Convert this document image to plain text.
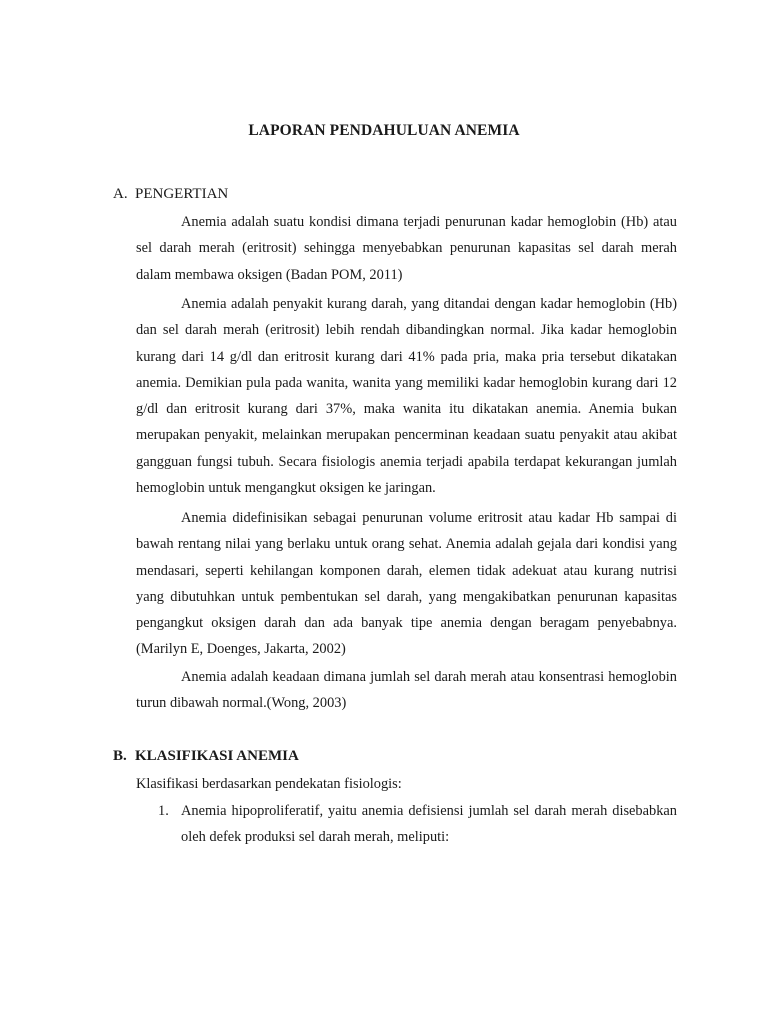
LAPORAN PENDAHULUAN ANEMIA
A. PENGERTIAN

Anemia adalah suatu kondisi dimana terjadi penurunan kadar hemoglobin (Hb) atau sel darah merah (eritrosit) sehingga menyebabkan penurunan kapasitas sel darah merah dalam membawa oksigen (Badan POM, 2011)

Anemia adalah penyakit kurang darah, yang ditandai dengan kadar hemoglobin (Hb) dan sel darah merah (eritrosit) lebih rendah dibandingkan normal. Jika kadar hemoglobin kurang dari 14 g/dl dan eritrosit kurang dari 41% pada pria, maka pria tersebut dikatakan anemia. Demikian pula pada wanita, wanita yang memiliki kadar hemoglobin kurang dari 12 g/dl dan eritrosit kurang dari 37%, maka wanita itu dikatakan anemia. Anemia bukan merupakan penyakit, melainkan merupakan pencerminan keadaan suatu penyakit atau akibat gangguan fungsi tubuh. Secara fisiologis anemia terjadi apabila terdapat kekurangan jumlah hemoglobin untuk mengangkut oksigen ke jaringan.

Anemia didefinisikan sebagai penurunan volume eritrosit atau kadar Hb sampai di bawah rentang nilai yang berlaku untuk orang sehat. Anemia adalah gejala dari kondisi yang mendasari, seperti kehilangan komponen darah, elemen tidak adekuat atau kurang nutrisi yang dibutuhkan untuk pembentukan sel darah, yang mengakibatkan penurunan kapasitas pengangkut oksigen darah dan ada banyak tipe anemia dengan beragam penyebabnya. (Marilyn E, Doenges, Jakarta, 2002)

Anemia adalah keadaan dimana jumlah sel darah merah atau konsentrasi hemoglobin turun dibawah normal.(Wong, 2003)

B. KLASIFIKASI ANEMIA

Klasifikasi berdasarkan pendekatan fisiologis:

1. Anemia hipoproliferatif, yaitu anemia defisiensi jumlah sel darah merah disebabkan oleh defek produksi sel darah merah, meliputi:
